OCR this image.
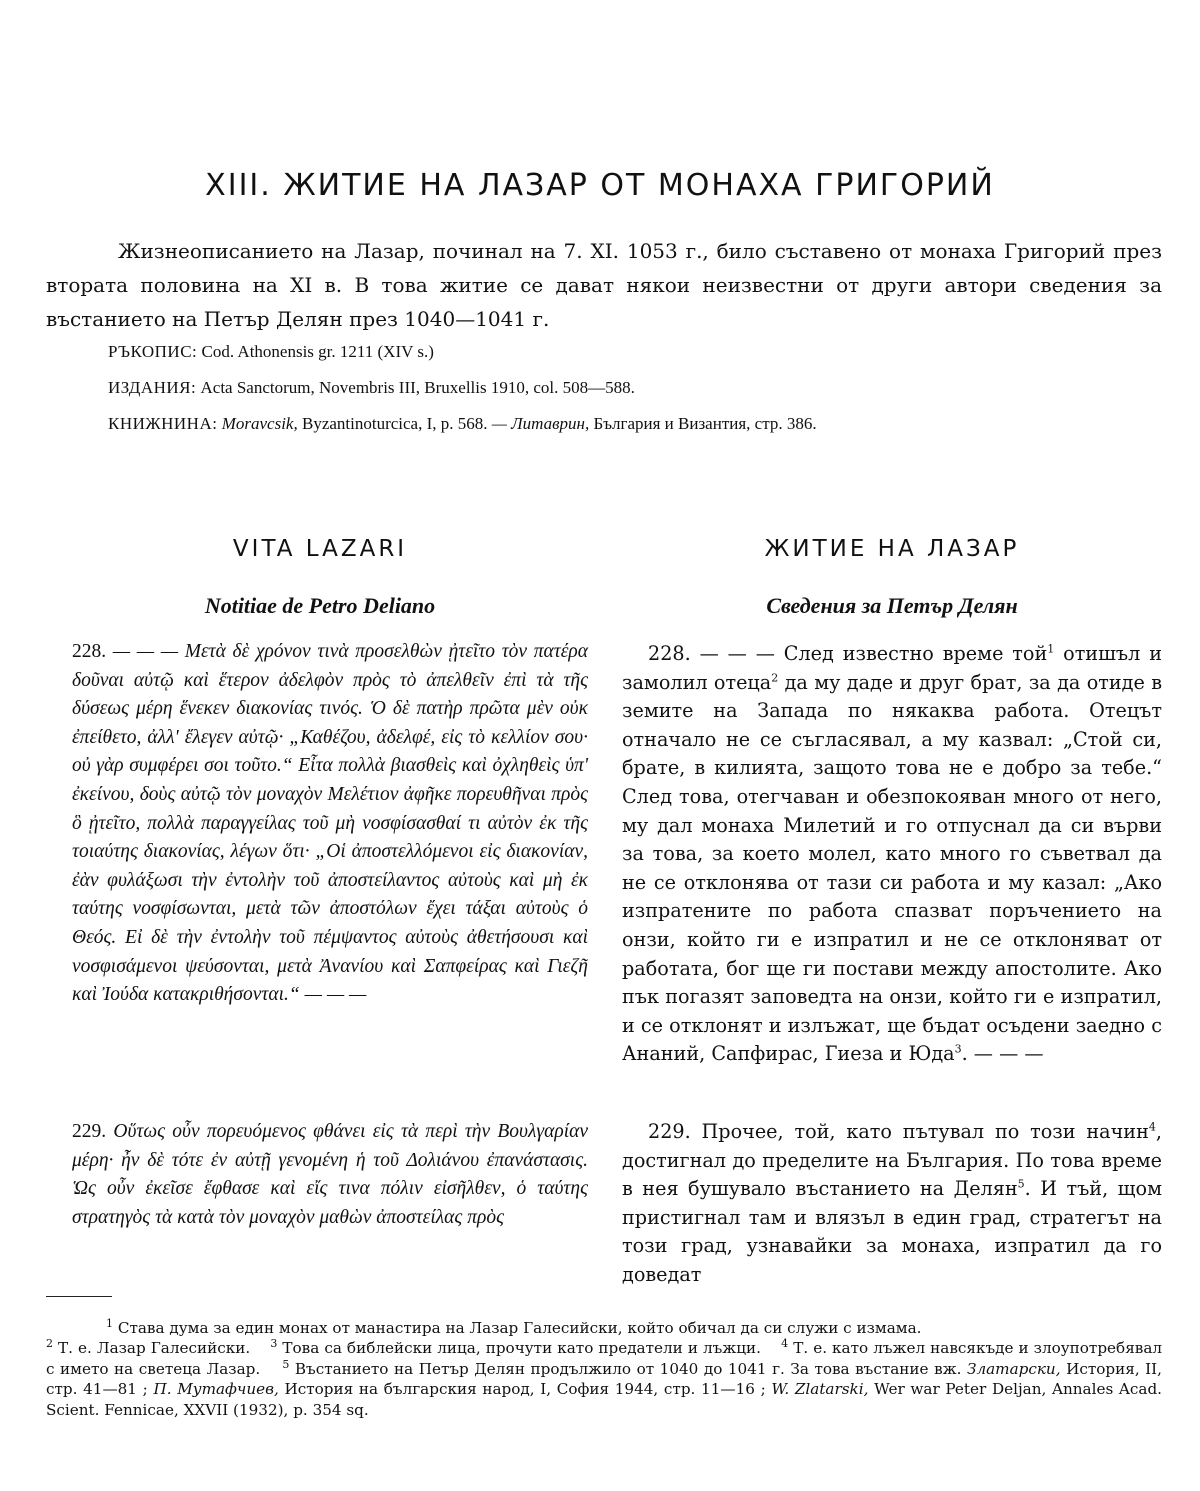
XIII. ЖИТИЕ НА ЛАЗАР ОТ МОНАХА ГРИГОРИЙ

Жизнеописанието на Лазар, починал на 7. XI. 1053 г., било съставено от монаха Григорий през втората половина на XI в. В това житие се дават някои неизвестни от други автори сведения за въстанието на Петър Делян през 1040—1041 г.

РЪКОПИС: Cod. Athonensis gr. 1211 (XIV s.)

ИЗДАНИЯ: Acta Sanctorum, Novembris III, Bruxellis 1910, col. 508—588.

КНИЖНИНА: Moravcsik, Byzantinoturcica, I, p. 568. — Литаврин, България и Византия, стр. 386.

VITA LAZARI	ЖИТИЕ НА ЛАЗАР
Notitiae de Petro Deliano	Сведения за Петър Делян

228. — — — Μετὰ δὲ χρόνον τινὰ προσελθὼν ᾐτεῖτο τὸν πατέρα δοῦναι αὐτῷ καὶ ἕτερον ἀδελφὸν πρὸς τὸ ἀπελθεῖν ἐπὶ τὰ τῆς δύσεως μέρη ἕνεκεν διακονίας τινός. Ὁ δὲ πατὴρ πρῶτα μὲν οὐκ ἐπείθετο, ἀλλ' ἔλεγεν αὐτῷ· „Καθέζου, ἀδελφέ, εἰς τὸ κελλίον σου· οὐ γὰρ συμφέρει σοι τοῦτο.“ Εἶτα πολλὰ βιασθεὶς καὶ ὀχληθεὶς ὑπ' ἐκείνου, δοὺς αὐτῷ τὸν μοναχὸν Μελέτιον ἀφῆκε πορευθῆναι πρὸς ὃ ᾐτεῖτο, πολλὰ παραγγείλας τοῦ μὴ νοσφίσασθαί τι αὐτὸν ἐκ τῆς τοιαύτης διακονίας, λέγων ὅτι· „Οἱ ἀποστελλόμενοι εἰς διακονίαν, ἐὰν φυλάξωσι τὴν ἐντολὴν τοῦ ἀποστείλαντος αὐτοὺς καὶ μὴ ἐκ ταύτης νοσφίσωνται, μετὰ τῶν ἀποστόλων ἔχει τάξαι αὐτοὺς ὁ Θεός. Εἰ δὲ τὴν ἐντολὴν τοῦ πέμψαντος αὐτοὺς ἀθετήσουσι καὶ νοσφισάμενοι ψεύσονται, μετὰ Ἀνανίου καὶ Σαπφείρας καὶ Γιεζῆ καὶ Ἰούδα κατακριθήσονται.“ — — —

229. Οὕτως οὖν πορευόμενος φθάνει εἰς τὰ περὶ τὴν Βουλγαρίαν μέρη· ἦν δὲ τότε ἐν αὐτῇ γενομένη ἡ τοῦ Δολιάνου ἐπανάστασις. Ὡς οὖν ἐκεῖσε ἔφθασε καὶ εἴς τινα πόλιν εἰσῆλθεν, ὁ ταύτης στρατηγὸς τὰ κατὰ τὸν μοναχὸν μαθὼν ἀποστείλας πρὸς

228. — — — След известно време той$^1$ отишъл и замолил отеца$^2$ да му даде и друг брат, за да отиде в земите на Запада по някаква работа. Отецът отначало не се съгласявал, а му казвал: „Стой си, брате, в килията, защото това не е добро за тебе.“ След това, отегчаван и обезпокояван много от него, му дал монаха Милетий и го отпуснал да си върви за това, за което молел, като много го съветвал да не се отклонява от тази си работа и му казал: „Ако изпратените по работа спазват поръчението на онзи, който ги е изпратил и не се отклоняват от работата, бог ще ги постави между апостолите. Ако пък погазят заповедта на онзи, който ги е изпратил, и се отклонят и излъжат, ще бъдат осъдени заедно с Ананий, Сапфирас, Гиеза и Юда$^3$. — — —

229. Прочее, той, като пътувал по този начин$^4$, достигнал до пределите на България. По това време в нея бушувало въстанието на Делян$^5$. И тъй, щом пристигнал там и влязъл в един град, стратегът на този град, узнавайки за монаха, изпратил да го доведат

$^1$ Става дума за един монах от манастира на Лазар Галесийски, който обичал да си служи с измама.
$^2$ Т. е. Лазар Галесийски. $^3$ Това са библейски лица, прочути като предатели и лъжци. $^4$ Т. е. като лъжел навсякъде и злоупотребявал с името на светеца Лазар. $^5$ Въстанието на Петър Делян продължило от 1040 до 1041 г. За това въстание вж. Златарски, История, II, стр. 41—81 ; П. Мутафчиев, История на българския народ, I, София 1944, стр. 11—16 ; W. Zlatarski, Wer war Peter Deljan, Annales Acad. Scient. Fennicae, XXVII (1932), p. 354 sq.
